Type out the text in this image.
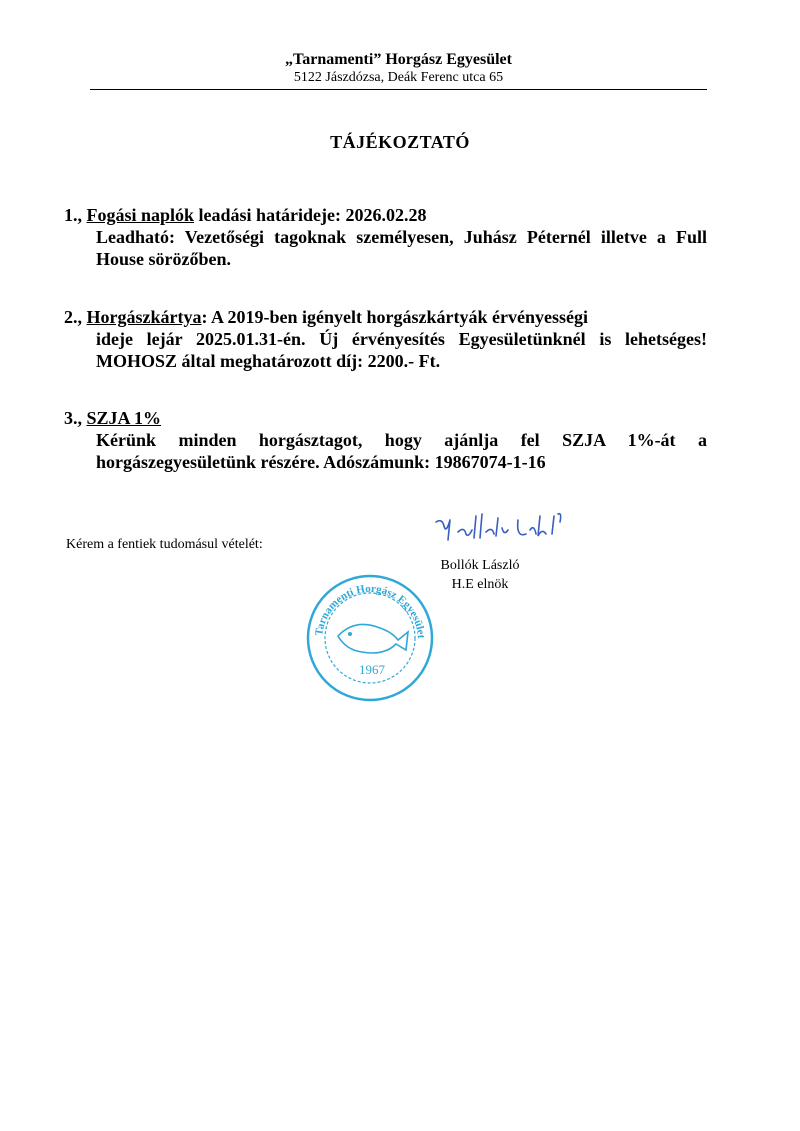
„Tarnamenti” Horgász Egyesület
5122 Jászdózsa, Deák Ferenc utca 65
TÁJÉKOZTATÓ
1., Fogási naplók leadási határideje: 2026.02.28
Leadható: Vezetőségi tagoknak személyesen, Juhász Péternél illetve a Full House sörözőben.
2., Horgászkártya: A 2019-ben igényelt horgászkártyák érvényességi
ideje lejár 2025.01.31-én. Új érvényesítés Egyesületünknél is lehetséges! MOHOSZ által meghatározott díj: 2200.- Ft.
3., SZJA 1%
Kérünk minden horgásztagot, hogy ajánlja fel SZJA 1%-át a horgászegyesületünk részére. Adószámunk: 19867074-1-16
Kérem a fentiek tudomásul vételét:
Bollók László
H.E elnök
Tarnamenti Horgász Egyesület
1967
